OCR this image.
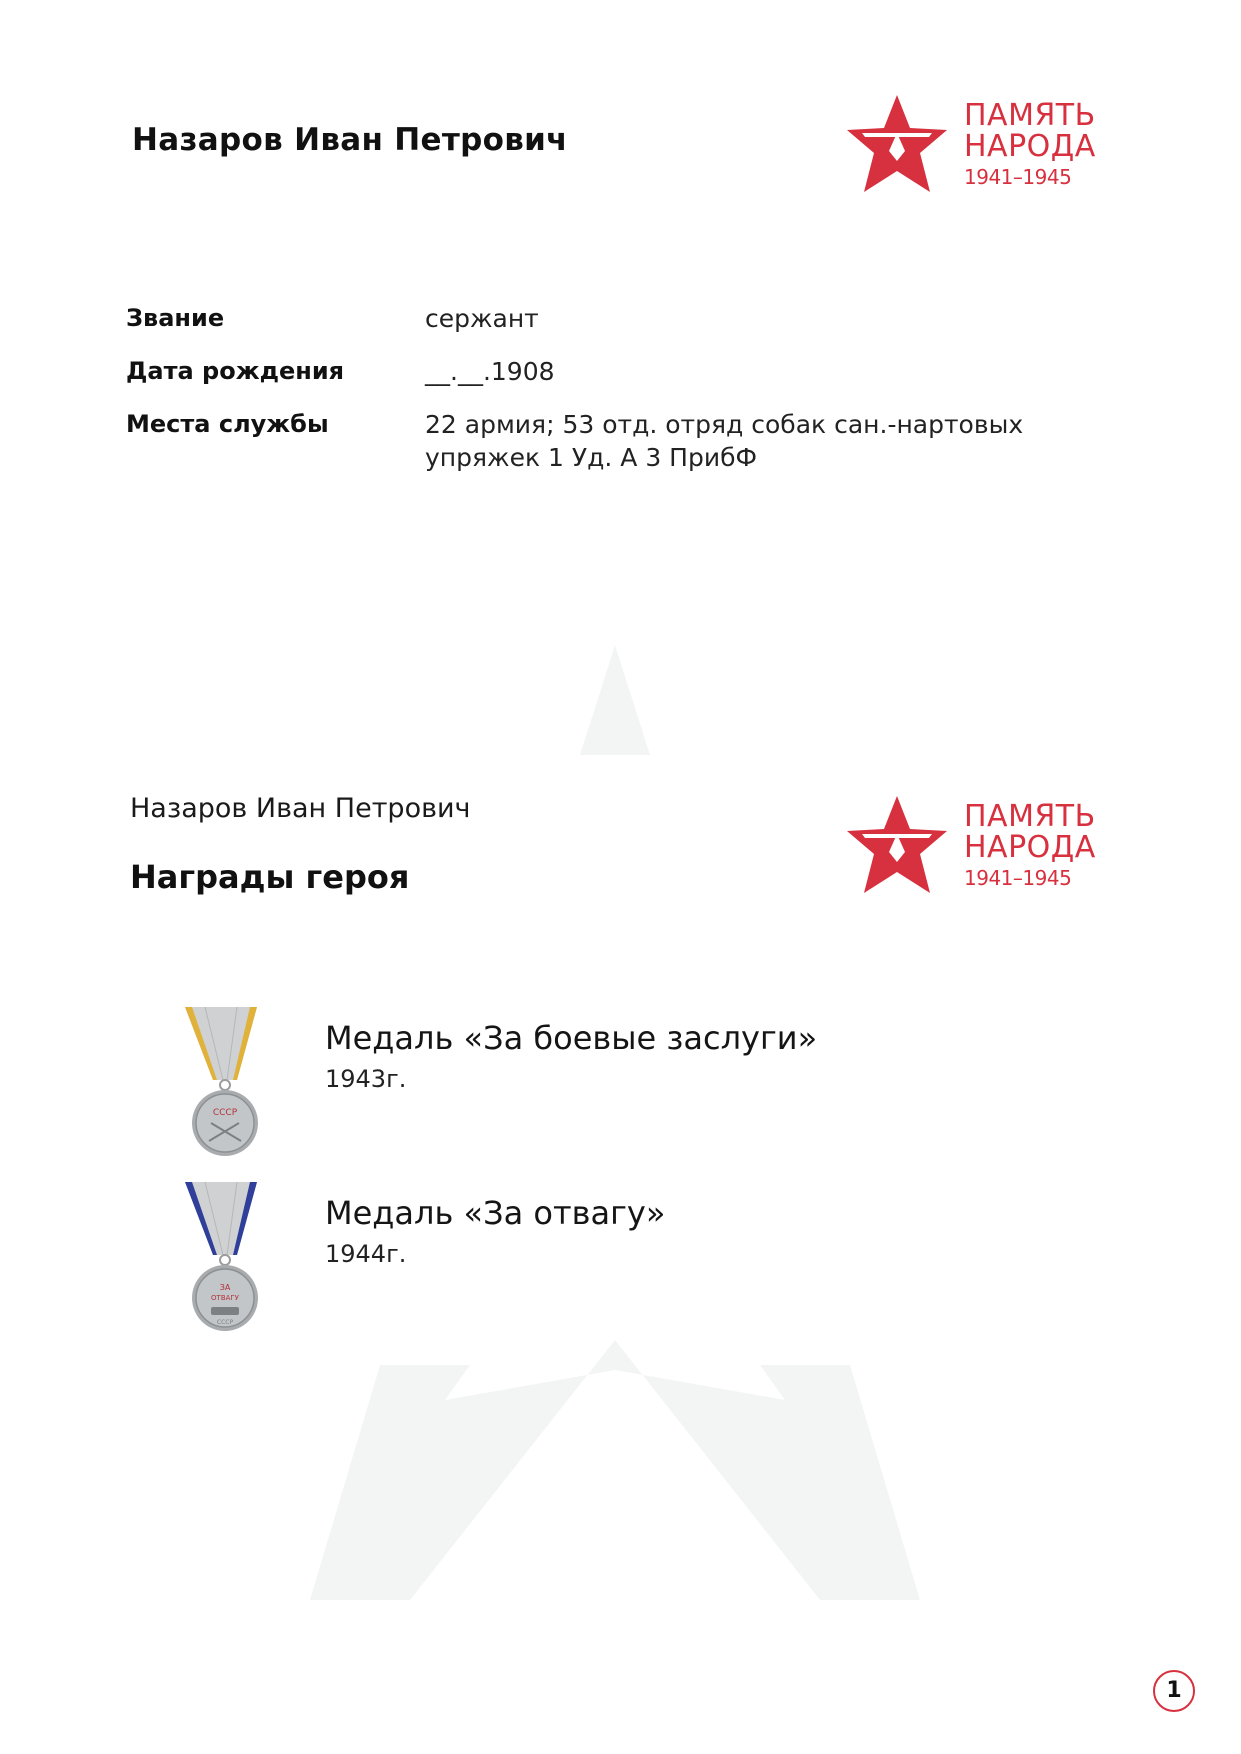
Назаров Иван Петрович
ПАМЯТЬ
НАРОДА
1941–1945
Звание	сержант
Дата рождения	__.__.1908
Места службы	22 армия; 53 отд. отряд собак сан.-нартовых упряжек 1 Уд. А 3 ПрибФ
Назаров Иван Петрович
Награды героя
ПАМЯТЬ
НАРОДА
1941–1945
СССР
Медаль «За боевые заслуги»
1943г.
ЗА
ОТВАГУ
СССР
Медаль «За отвагу»
1944г.
1
